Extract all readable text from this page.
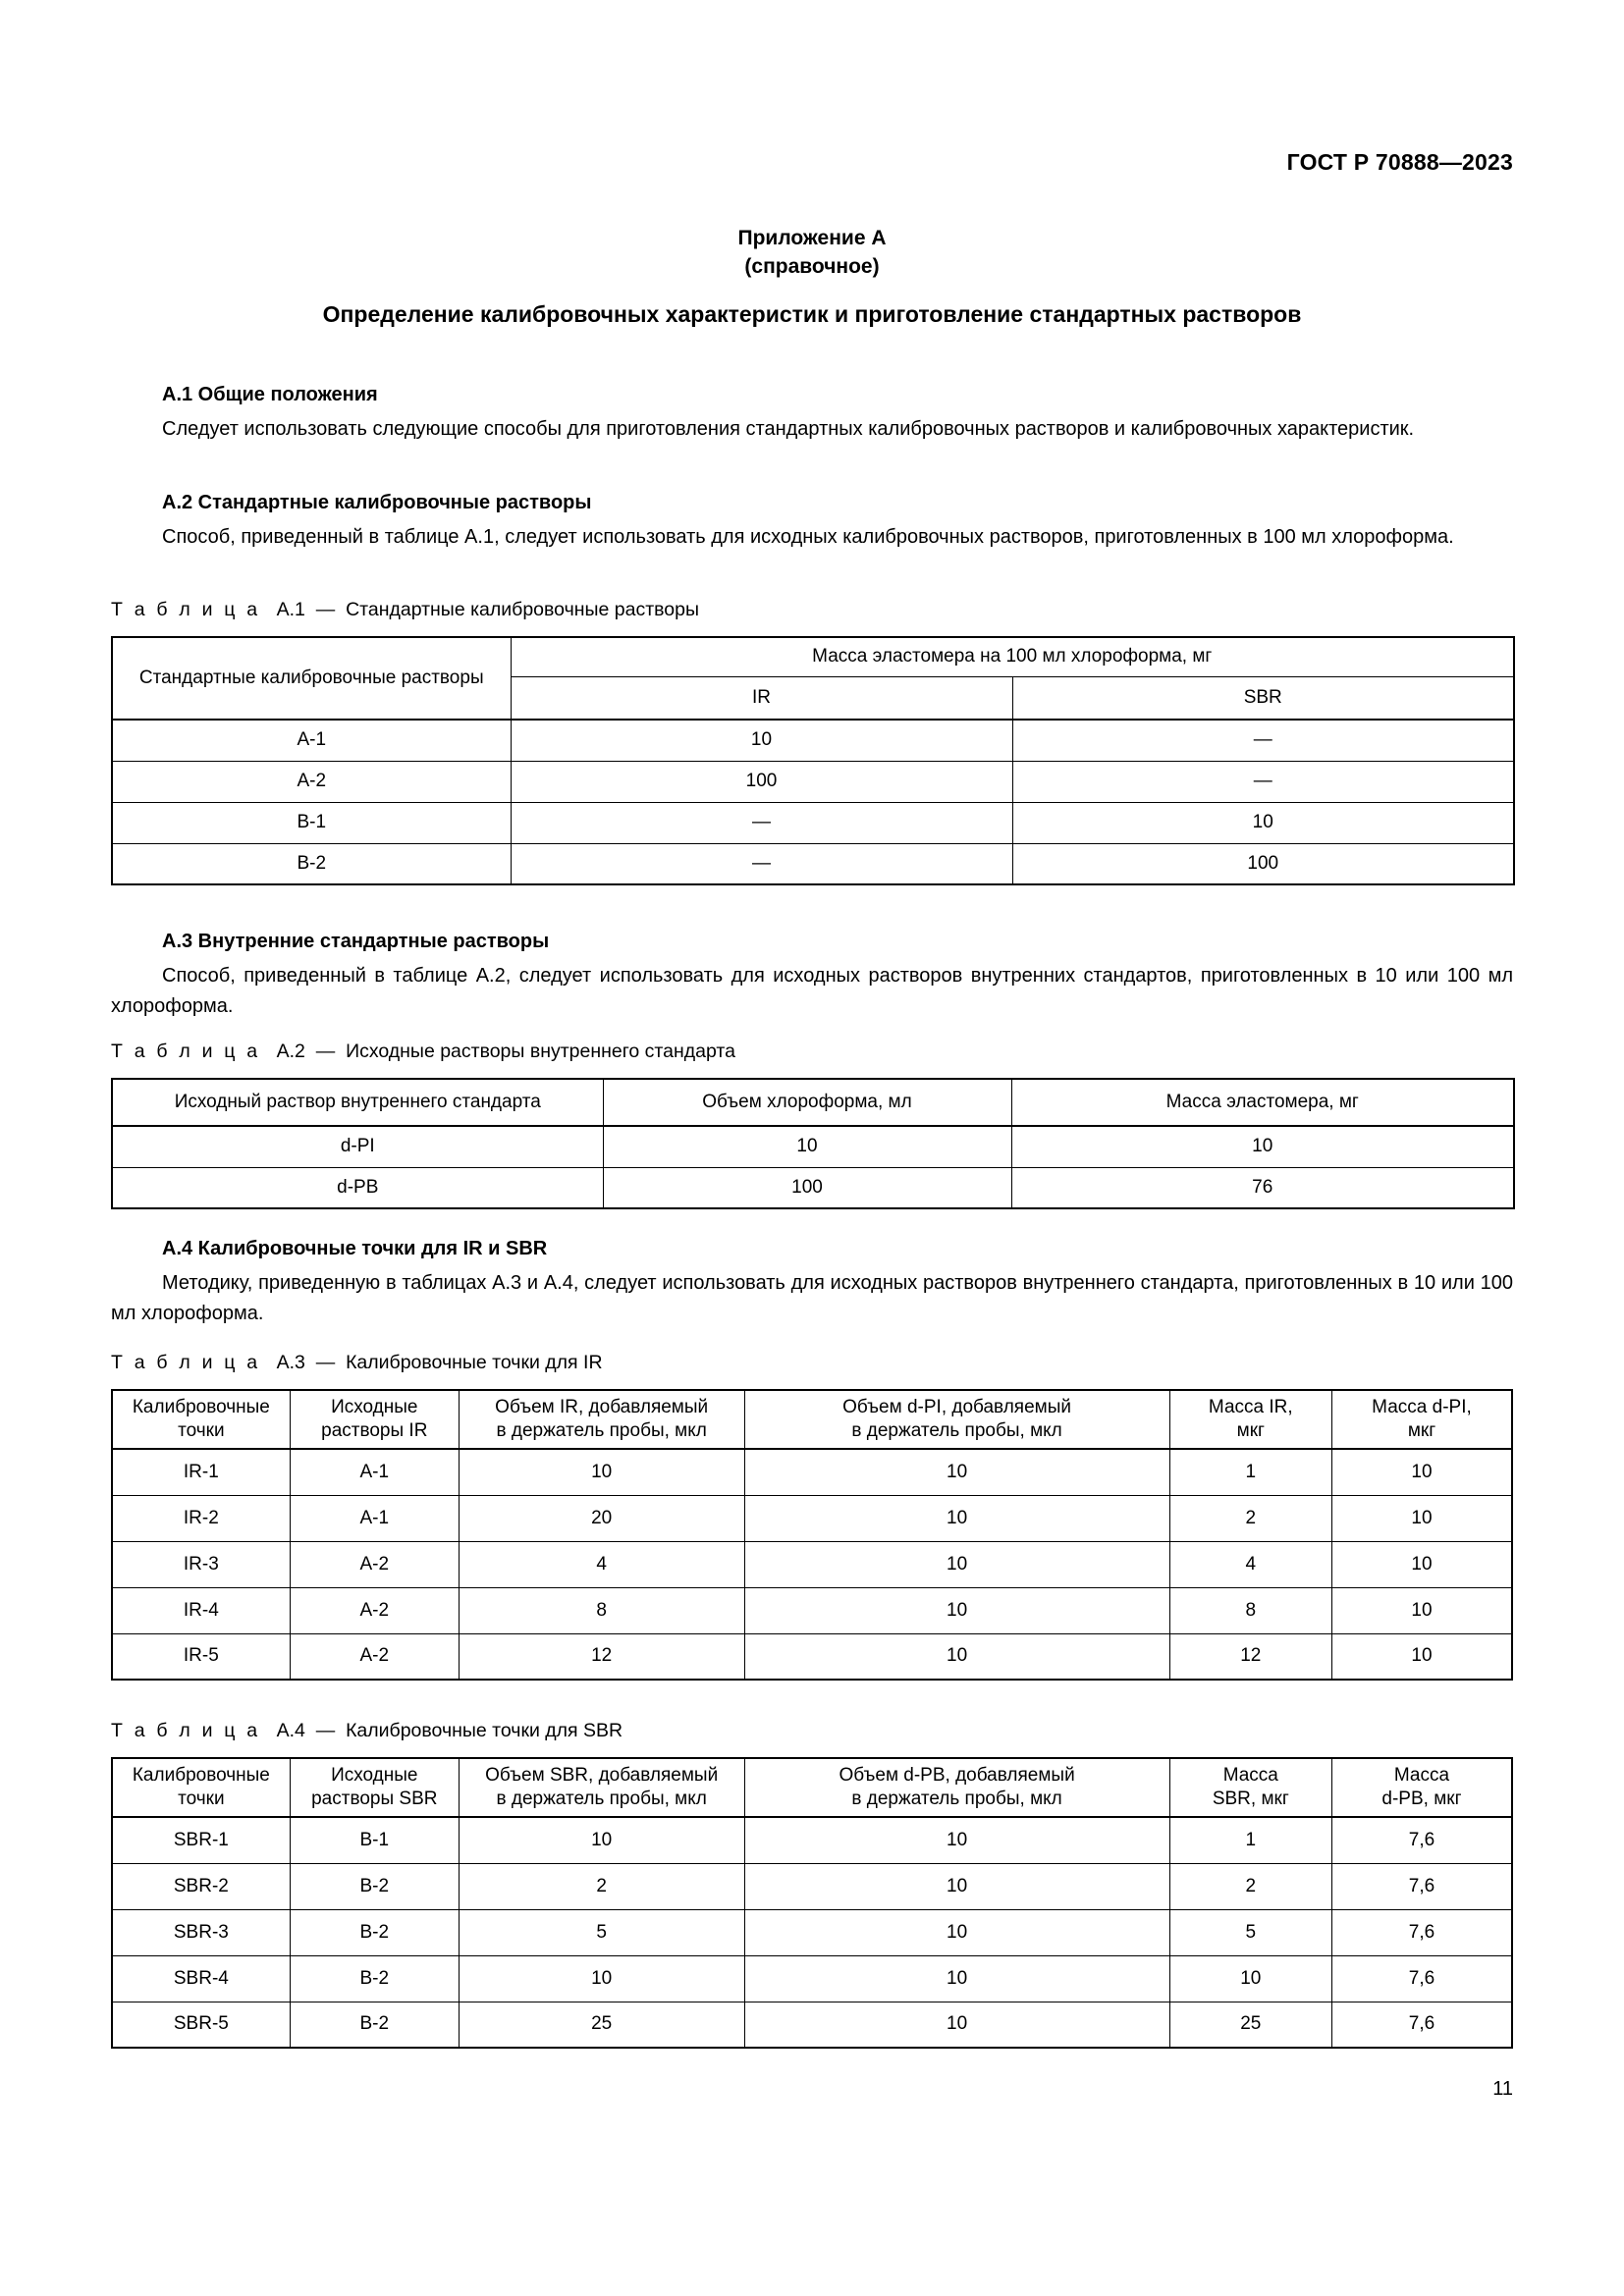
ГОСТ Р 70888—2023
Приложение А
(справочное)
Определение калибровочных характеристик и приготовление стандартных растворов
А.1 Общие положения
Следует использовать следующие способы для приготовления стандартных калибровочных растворов и калибровочных характеристик.
А.2 Стандартные калибровочные растворы
Способ, приведенный в таблице А.1, следует использовать для исходных калибровочных растворов, приготовленных в 100 мл хлороформа.
Т а б л и ц а А.1 — Стандартные калибровочные растворы
Стандартные калибровочные растворы	Масса эластомера на 100 мл хлороформа, мг	
	IR	SBR
А-1	10	—
А-2	100	—
В-1	—	10
В-2	—	100
А.3 Внутренние стандартные растворы
Способ, приведенный в таблице А.2, следует использовать для исходных растворов внутренних стандартов, приготовленных в 10 или 100 мл хлороформа.
Т а б л и ц а А.2 — Исходные растворы внутреннего стандарта
Исходный раствор внутреннего стандарта	Объем хлороформа, мл	Масса эластомера, мг
d-PI	10	10
d-PB	100	76
А.4 Калибровочные точки для IR и SBR
Методику, приведенную в таблицах А.3 и А.4, следует использовать для исходных растворов внутреннего стандарта, приготовленных в 10 или 100 мл хлороформа.
Т а б л и ц а А.3 — Калибровочные точки для IR
Калибровочные
точки

Исходные
растворы IR

Объем IR, добавляемый
в держатель пробы, мкл

Объем d-PI, добавляемый
в держатель пробы, мкл

Масса IR,
мкг

Масса d-PI,
мкг

IR-1	А-1	10	10	1	10
IR-2	А-1	20	10	2	10
IR-3	А-2	4	10	4	10
IR-4	А-2	8	10	8	10
IR-5	А-2	12	10	12	10
Т а б л и ц а А.4 — Калибровочные точки для SBR
Калибровочные
точки

Исходные
растворы SBR

Объем SBR, добавляемый
в держатель пробы, мкл

Объем d-PB, добавляемый
в держатель пробы, мкл

Масса
SBR, мкг

Масса
d-PB, мкг

SBR-1	В-1	10	10	1	7,6
SBR-2	В-2	2	10	2	7,6
SBR-3	В-2	5	10	5	7,6
SBR-4	В-2	10	10	10	7,6
SBR-5	В-2	25	10	25	7,6
11
